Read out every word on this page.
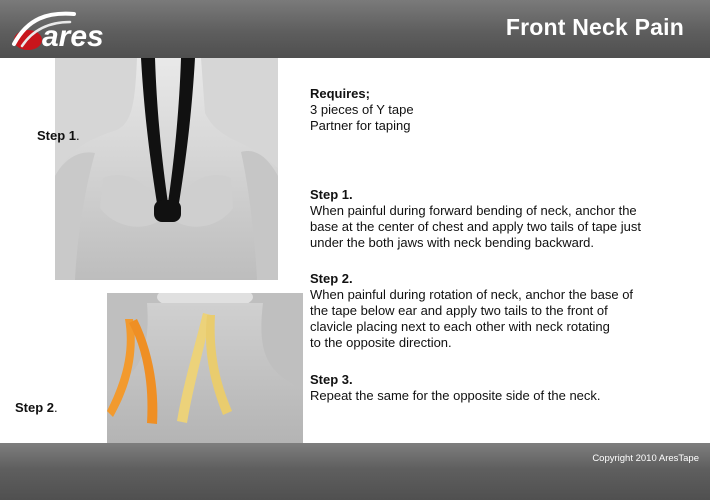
ares	Front Neck Pain
Step 1.
Step 2.

Requires;

3 pieces of Y tape

Partner for taping

Step 1.

When painful during forward bending of neck, anchor the

base at the center of chest and apply two tails of tape just

under the both jaws with neck bending backward.

Step 2.

When painful during rotation of neck, anchor the base of

the tape below ear and apply two tails to the front of

clavicle placing next to each other with neck rotating

to the opposite direction.

Step 3.

Repeat the same for the opposite side of the neck.

Copyright 2010 AresTape
